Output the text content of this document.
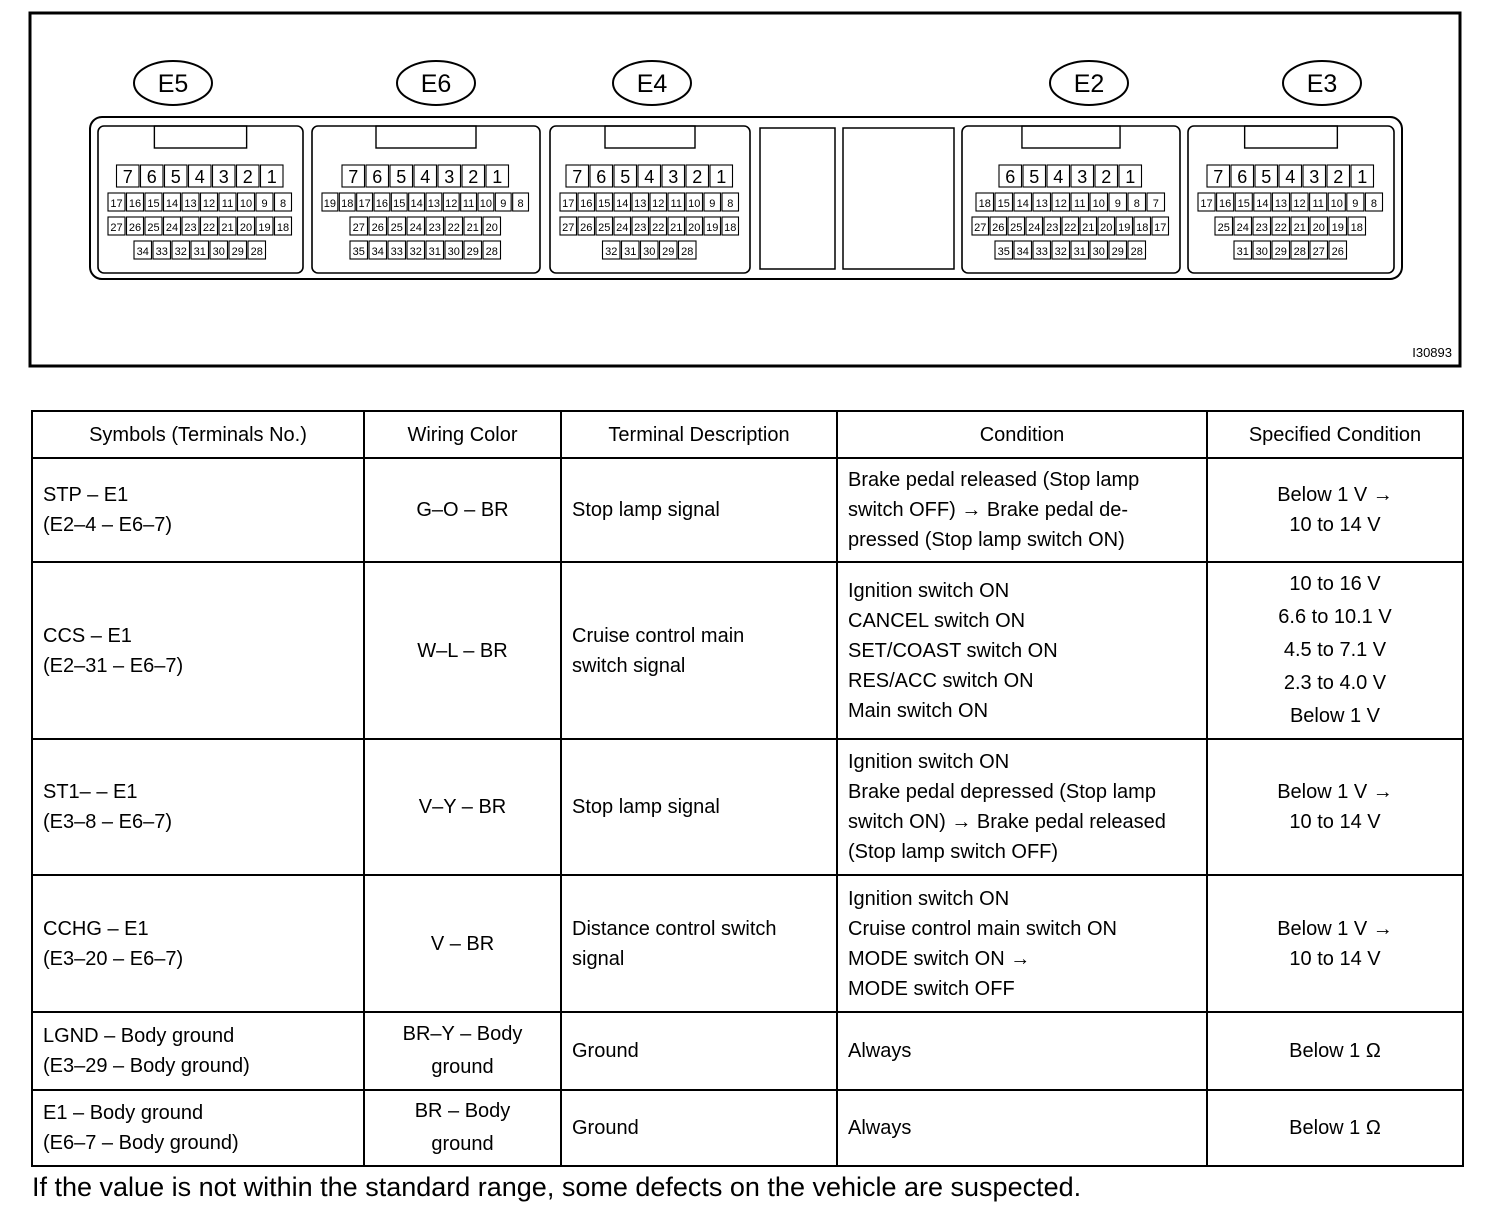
E5
7 6 5 4 3 2 1
17 16 15 14 13 12 11 10 9 8
27 26 25 24 23 22 21 20 19 18
34 33 32 31 30 29 28
E6
7 6 5 4 3 2 1
19 18 17 16 15 14 13 12 11 10 9 8
27 26 25 24 23 22 21 20
35 34 33 32 31 30 29 28
E4
7 6 5 4 3 2 1
17 16 15 14 13 12 11 10 9 8
27 26 25 24 23 22 21 20 19 18
32 31 30 29 28
E2
6 5 4 3 2 1
18 15 14 13 12 11 10 9 8 7
27 26 25 24 23 22 21 20 19 18 17
35 34 33 32 31 30 29 28
E3
7 6 5 4 3 2 1
17 16 15 14 13 12 11 10 9 8
25 24 23 22 21 20 19 18
31 30 29 28 27 26
I30893
Symbols (Terminals No.)	Wiring Color	Terminal Description	Condition	Specified Condition
STP – E1
(E2–4 – E6–7)	G–O – BR	Stop lamp signal	Brake pedal released (Stop lamp
switch OFF) → Brake pedal de-
pressed (Stop lamp switch ON)	Below 1 V →
10 to 14 V
CCS – E1
(E2–31 – E6–7)	W–L – BR	Cruise control main
switch signal	Ignition switch ON
CANCEL switch ON
SET/COAST switch ON
RES/ACC switch ON
Main switch ON	10 to 16 V
6.6 to 10.1 V
4.5 to 7.1 V
2.3 to 4.0 V
Below 1 V
ST1– – E1
(E3–8 – E6–7)	V–Y – BR	Stop lamp signal	Ignition switch ON
Brake pedal depressed (Stop lamp
switch ON) → Brake pedal released
(Stop lamp switch OFF)	Below 1 V →
10 to 14 V
CCHG – E1
(E3–20 – E6–7)	V – BR	Distance control switch
signal	Ignition switch ON
Cruise control main switch ON
MODE switch ON →
MODE switch OFF	Below 1 V →
10 to 14 V
LGND – Body ground
(E3–29 – Body ground)	BR–Y – Body
ground	Ground	Always	Below 1 Ω
E1 – Body ground
(E6–7 – Body ground)	BR – Body
ground	Ground	Always	Below 1 Ω

If the value is not within the standard range, some defects on the vehicle are suspected.
